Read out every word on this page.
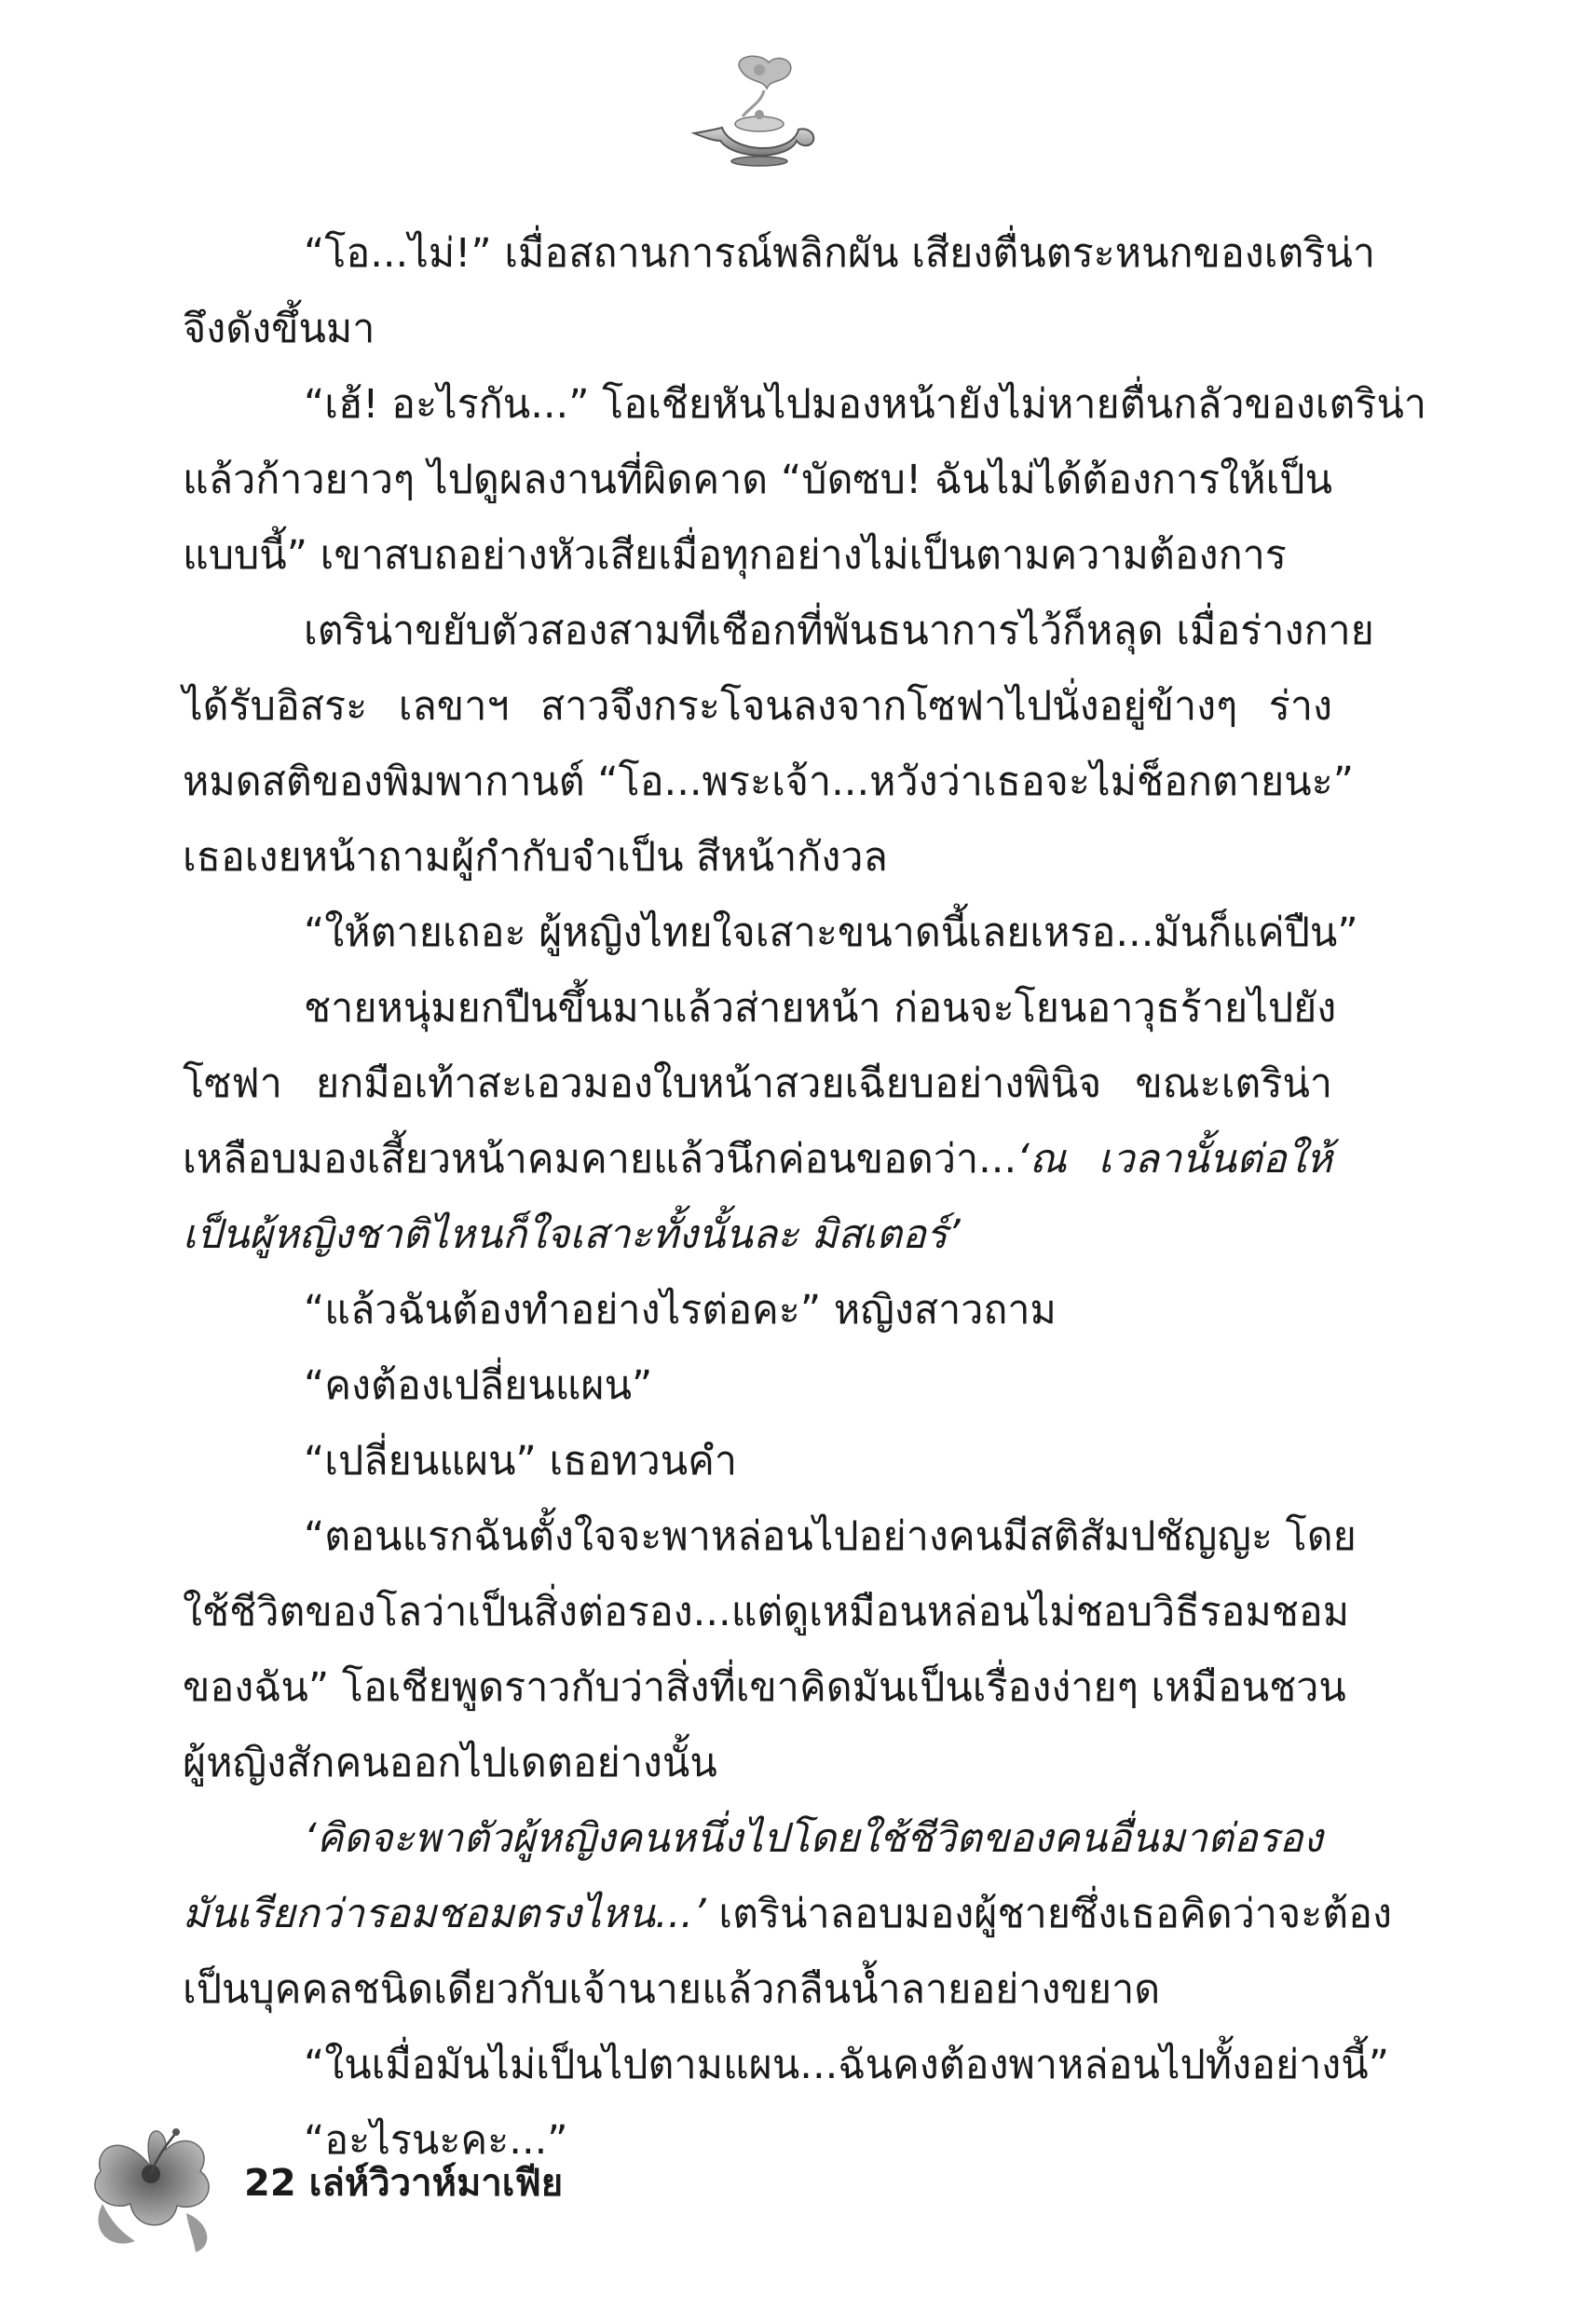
“โอ...ไม่!” เมื่อสถานการณ์พลิกผัน เสียงตื่นตระหนกของเตริน่า
จึงดังขึ้นมา
“เฮ้! อะไรกัน...” โอเชียหันไปมองหน้ายังไม่หายตื่นกลัวของเตริน่า
แล้วก้าวยาวๆ ไปดูผลงานที่ผิดคาด “บัดซบ! ฉันไม่ได้ต้องการให้เป็น
แบบนี้” เขาสบถอย่างหัวเสียเมื่อทุกอย่างไม่เป็นตามความต้องการ
เตริน่าขยับตัวสองสามทีเชือกที่พันธนาการไว้ก็หลุด เมื่อร่างกาย
ได้รับอิสระ เลขาฯ สาวจึงกระโจนลงจากโซฟาไปนั่งอยู่ข้างๆ ร่าง
หมดสติของพิมพากานต์ “โอ...พระเจ้า...หวังว่าเธอจะไม่ช็อกตายนะ”
เธอเงยหน้าถามผู้กำกับจำเป็น สีหน้ากังวล
“ให้ตายเถอะ ผู้หญิงไทยใจเสาะขนาดนี้เลยเหรอ...มันก็แค่ปืน”
ชายหนุ่มยกปืนขึ้นมาแล้วส่ายหน้า ก่อนจะโยนอาวุธร้ายไปยัง
โซฟา ยกมือเท้าสะเอวมองใบหน้าสวยเฉียบอย่างพินิจ ขณะเตริน่า
เหลือบมองเสี้ยวหน้าคมคายแล้วนึกค่อนขอดว่า...‘ณ เวลานั้นต่อให้
เป็นผู้หญิงชาติไหนก็ใจเสาะทั้งนั้นละ มิสเตอร์’
“แล้วฉันต้องทำอย่างไรต่อคะ” หญิงสาวถาม
“คงต้องเปลี่ยนแผน”
“เปลี่ยนแผน” เธอทวนคำ
“ตอนแรกฉันตั้งใจจะพาหล่อนไปอย่างคนมีสติสัมปชัญญะ โดย
ใช้ชีวิตของโลว่าเป็นสิ่งต่อรอง...แต่ดูเหมือนหล่อนไม่ชอบวิธีรอมชอม
ของฉัน” โอเชียพูดราวกับว่าสิ่งที่เขาคิดมันเป็นเรื่องง่ายๆ เหมือนชวน
ผู้หญิงสักคนออกไปเดตอย่างนั้น
‘คิดจะพาตัวผู้หญิงคนหนึ่งไปโดยใช้ชีวิตของคนอื่นมาต่อรอง
มันเรียกว่ารอมชอมตรงไหน...’ เตริน่าลอบมองผู้ชายซึ่งเธอคิดว่าจะต้อง
เป็นบุคคลชนิดเดียวกับเจ้านายแล้วกลืนน้ำลายอย่างขยาด
“ในเมื่อมันไม่เป็นไปตามแผน...ฉันคงต้องพาหล่อนไปทั้งอย่างนี้”
“อะไรนะคะ...”
22 เล่ห์วิวาห์มาเฟีย
